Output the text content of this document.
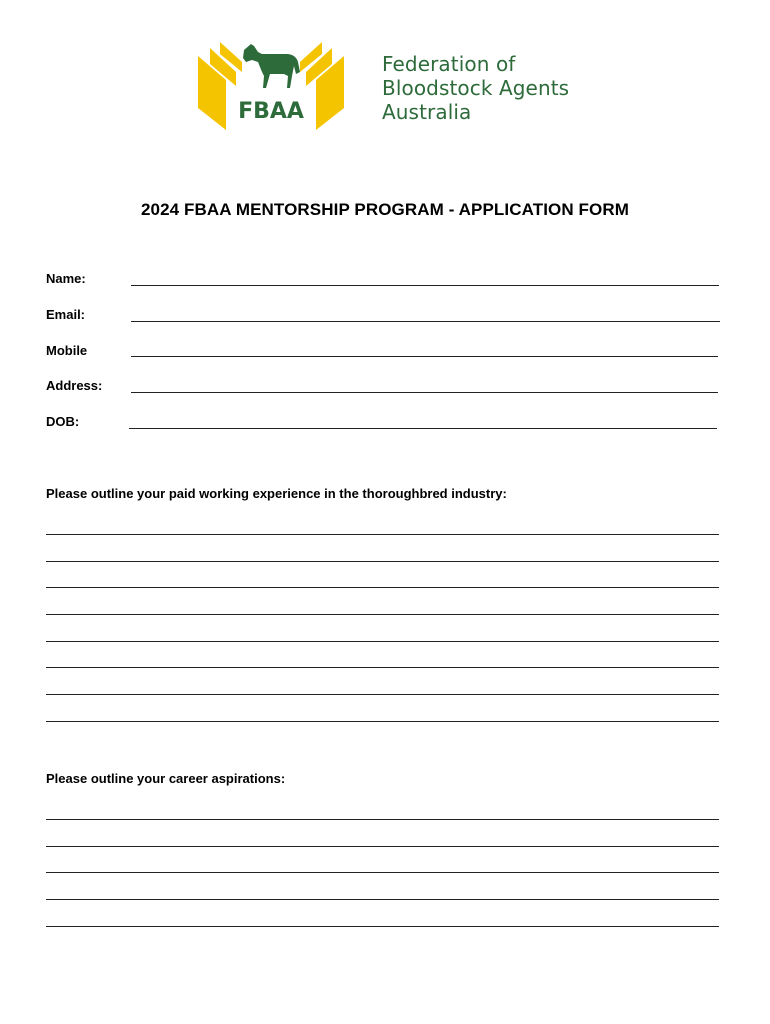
FBAA
Federation of
Bloodstock Agents
Australia
2024 FBAA MENTORSHIP PROGRAM - APPLICATION FORM
Name:
Email:
Mobile
Address:
DOB:
Please outline your paid working experience in the thoroughbred industry:
Please outline your career aspirations:
